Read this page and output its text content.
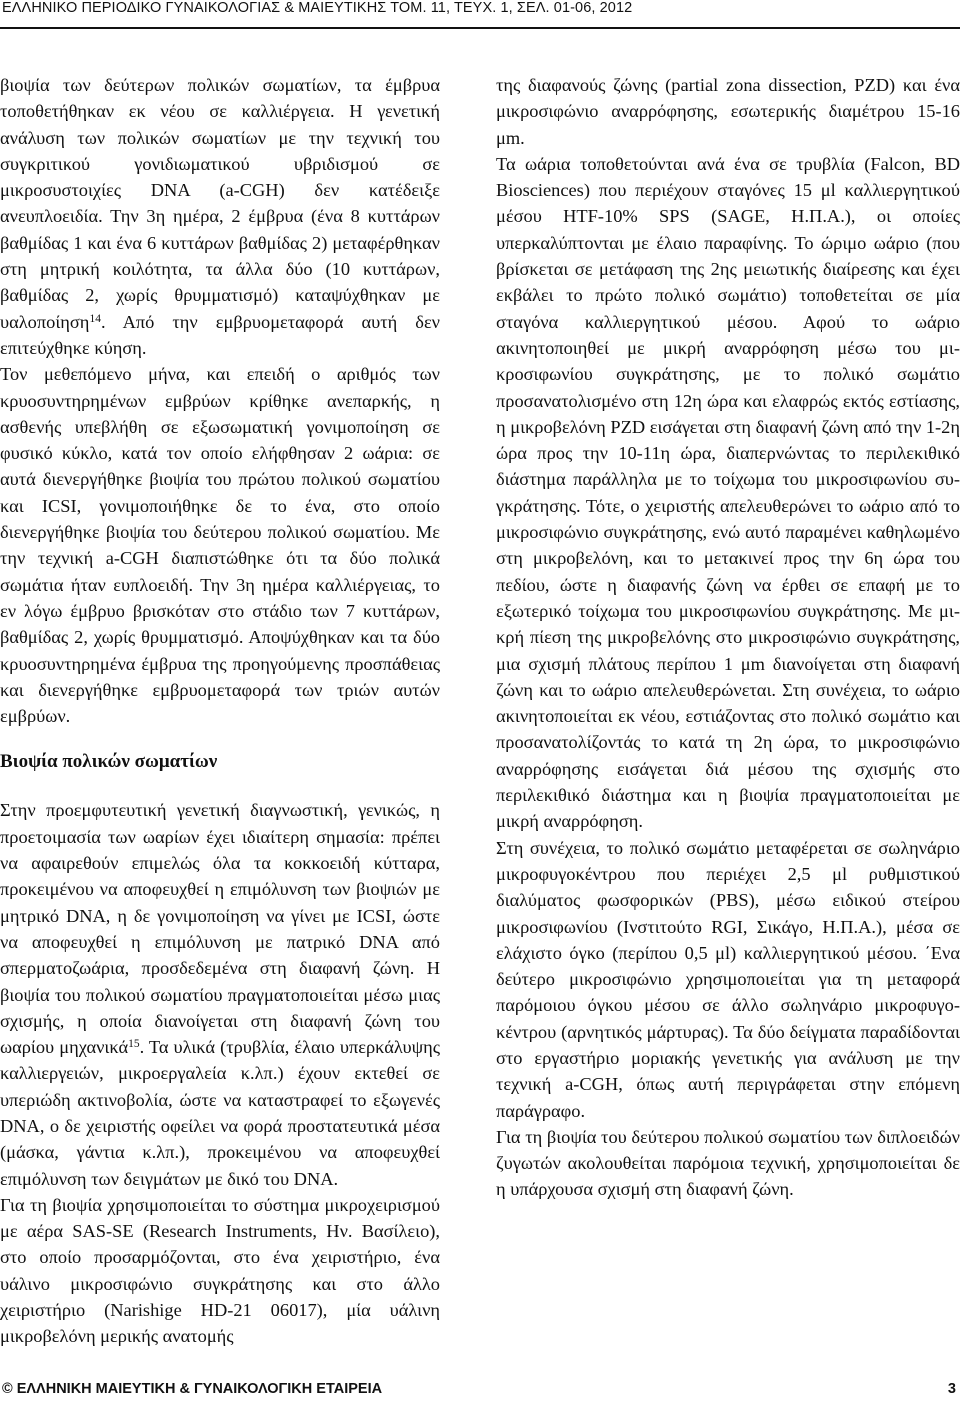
ΕΛΛΗΝΙΚΟ ΠΕΡΙΟΔΙΚΟ ΓΥΝΑΙΚΟΛΟΓΙΑΣ & ΜΑΙΕΥΤΙΚΗΣ ΤΟΜ. 11, ΤΕΥΧ. 1, ΣΕΛ. 01-06, 2012

βιοψία των δεύτερων πολικών σωματίων, τα έμβρυα τοποθετήθηκαν εκ νέου σε καλλιέργεια. Η γενετική ανάλυση των πολικών σωματίων με την τεχνική του συγκριτικού γονιδιωματικού υβριδισμού σε μικροσυστοιχίες DNA (a-CGH) δεν κατέδειξε ανευπλοειδία. Την 3η ημέρα, 2 έμβρυα (ένα 8 κυττάρων βαθμίδας 1 και ένα 6 κυττάρων βαθμίδας 2) μεταφέρθηκαν στη μητρική κοιλότητα, τα άλλα δύο (10 κυττάρων, βαθμίδας 2, χωρίς θρυμματισμό) καταψύχθηκαν με υαλοποίηση$^{14}$. Από την εμβρυομεταφορά αυτή δεν επιτεύχθηκε κύηση.

Τον μεθεπόμενο μήνα, και επειδή ο αριθμός των κρυοσυντηρημένων εμβρύων κρίθηκε ανεπαρκής, η ασθενής υπεβλήθη σε εξωσωματική γονιμοποίηση σε φυσικό κύκλο, κατά τον οποίο ελήφθησαν 2 ωάρια: σε αυτά διενεργήθηκε βιοψία του πρώτου πολικού σωματίου και ICSI, γονιμοποιήθηκε δε το ένα, στο οποίο διενεργήθηκε βιοψία του δεύτερου πολικού σωματίου. Με την τεχνική a-CGH διαπιστώθηκε ότι τα δύο πολικά σωμάτια ήταν ευπλοειδή. Την 3η ημέρα καλλιέργειας, το εν λόγω έμβρυο βρισκόταν στο στάδιο των 7 κυττάρων, βαθμίδας 2, χωρίς θρυμματισμό. Αποψύχθηκαν και τα δύο κρυοσυντηρημένα έμβρυα της προηγούμενης προσπάθειας και διενεργήθηκε εμβρυομεταφορά των τριών αυτών εμβρύων.

Βιοψία πολικών σωματίων

Στην προεμφυτευτική γενετική διαγνωστική, γενικώς, η προετοιμασία των ωαρίων έχει ιδιαίτερη σημασία: πρέπει να αφαιρεθούν επιμελώς όλα τα κοκκοειδή κύτταρα, προκειμένου να αποφευχθεί η επιμόλυνση των βιοψιών με μητρικό DNA, η δε γονιμοποίηση να γίνει με ICSI, ώστε να αποφευχθεί η επιμόλυνση με πατρικό DNA από σπερματοζωάρια, προσδεδεμένα στη διαφανή ζώνη. Η βιοψία του πολικού σωματίου πραγματοποιείται μέσω μιας σχισμής, η οποία διανοίγεται στη διαφανή ζώνη του ωαρίου μηχανικά$^{15}$. Τα υλικά (τρυβλία, έλαιο υπερκάλυψης καλλιεργειών, μικροεργαλεία κ.λπ.) έχουν εκτεθεί σε υπεριώδη ακτινοβολία, ώστε να καταστραφεί το εξωγενές DNA, ο δε χειριστής οφείλει να φορά προστατευτικά μέσα (μάσκα, γάντια κ.λπ.), προκειμένου να αποφευχθεί επιμόλυνση των δειγμάτων με δικό του DNA.

Για τη βιοψία χρησιμοποιείται το σύστημα μικροχειρισμού με αέρα SAS-SE (Research Instruments, Ην. Βασίλειο), στο οποίο προσαρμόζονται, στο ένα χειριστήριο, ένα υάλινο μικροσιφώνιο συγκράτησης και στο άλλο χειριστήριο (Narishige HD-21 06017), μία υάλινη μικροβελόνη μερικής ανατομής

της διαφανούς ζώνης (partial zona dissection, PZD) και ένα μικροσιφώνιο αναρρόφησης, εσωτερικής διαμέτρου 15-16 μm.

Τα ωάρια τοποθετούνται ανά ένα σε τρυβλία (Falcon, BD Biosciences) που περιέχουν σταγόνες 15 μl καλλιεργητικού μέσου HTF-10% SPS (SAGE, Η.Π.Α.), οι οποίες υπερκαλύπτονται με έλαιο παραφίνης. Το ώριμο ωάριο (που βρίσκεται σε μετάφαση της 2ης μειωτικής διαίρεσης και έχει εκβάλει το πρώτο πολικό σωμάτιο) τοποθετείται σε μία σταγόνα καλλιεργητικού μέσου. Αφού το ωάριο ακινητοποιηθεί με μικρή αναρρόφηση μέσω του μικροσιφωνίου συγκράτησης, με το πολικό σωμάτιο προσανατολισμένο στη 12η ώρα και ελαφρώς εκτός εστίασης, η μικροβελόνη PZD εισάγεται στη διαφανή ζώνη από την 1-2η ώρα προς την 10-11η ώρα, διαπερνώντας το περιλεκιθικό διάστημα παράλληλα με το τοίχωμα του μικροσιφωνίου συγκράτησης. Τότε, ο χειριστής απελευθερώνει το ωάριο από το μικροσιφώνιο συγκράτησης, ενώ αυτό παραμένει καθηλωμένο στη μικροβελόνη, και το μετακινεί προς την 6η ώρα του πεδίου, ώστε η διαφανής ζώνη να έρθει σε επαφή με το εξωτερικό τοίχωμα του μικροσιφωνίου συγκράτησης. Με μικρή πίεση της μικροβελόνης στο μικροσιφώνιο συγκράτησης, μια σχισμή πλάτους περίπου 1 μm διανοίγεται στη διαφανή ζώνη και το ωάριο απελευθερώνεται. Στη συνέχεια, το ωάριο ακινητοποιείται εκ νέου, εστιάζοντας στο πολικό σωμάτιο και προσανατολίζοντάς το κατά τη 2η ώρα, το μικροσιφώνιο αναρρόφησης εισάγεται διά μέσου της σχισμής στο περιλεκιθικό διάστημα και η βιοψία πραγματοποιείται με μικρή αναρρόφηση.

Στη συνέχεια, το πολικό σωμάτιο μεταφέρεται σε σωληνάριο μικροφυγοκέντρου που περιέχει 2,5 μl ρυθμιστικού διαλύματος φωσφορικών (PBS), μέσω ειδικού στείρου μικροσιφωνίου (Ινστιτούτο RGI, Σικάγο, Η.Π.Α.), μέσα σε ελάχιστο όγκο (περίπου 0,5 μl) καλλιεργητικού μέσου. ΄Ενα δεύτερο μικροσιφώνιο χρησιμοποιείται για τη μεταφορά παρόμοιου όγκου μέσου σε άλλο σωληνάριο μικροφυγοκέντρου (αρνητικός μάρτυρας). Τα δύο δείγματα παραδίδονται στο εργαστήριο μοριακής γενετικής για ανάλυση με την τεχνική a-CGH, όπως αυτή περιγράφεται στην επόμενη παράγραφο.

Για τη βιοψία του δεύτερου πολικού σωματίου των διπλοειδών ζυγωτών ακολουθείται παρόμοια τεχνική, χρησιμοποιείται δε η υπάρχουσα σχισμή στη διαφανή ζώνη.

© ΕΛΛΗΝΙΚΗ ΜΑΙΕΥΤΙΚΗ & ΓΥΝΑΙΚΟΛΟΓΙΚΗ ΕΤΑΙΡΕΙΑ	3
